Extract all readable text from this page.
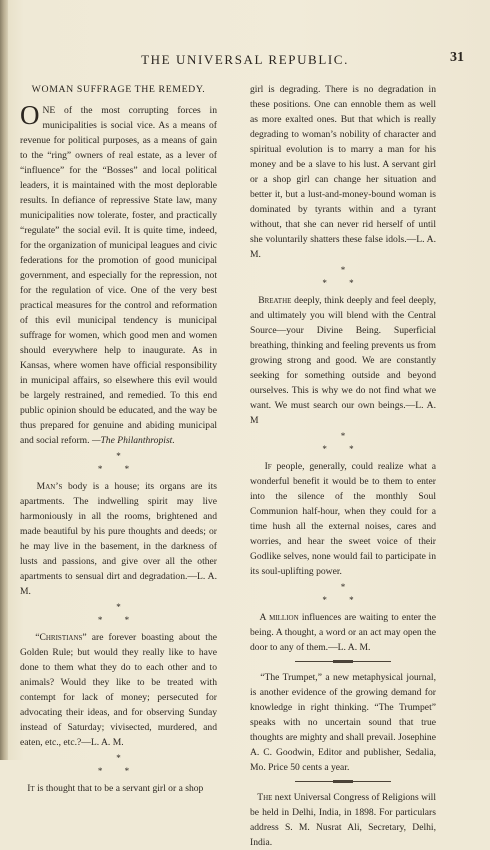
THE UNIVERSAL REPUBLIC.	31
WOMAN SUFFRAGE THE REMEDY.

ONE of the most corrupting forces in municipalities is social vice. As a means of revenue for political purposes, as a means of gain to the “ring” owners of real estate, as a lever of “influence” for the “Bosses” and local political leaders, it is maintained with the most deplorable results. In defiance of repressive State law, many municipalities now tolerate, foster, and practically “regulate” the social evil. It is quite time, indeed, for the organization of municipal leagues and civic federations for the promotion of good municipal government, and especially for the repression, not for the regulation of vice. One of the very best practical measures for the control and reformation of this evil municipal tendency is municipal suffrage for women, which good men and women should everywhere help to inaugurate. As in Kansas, where women have official responsibility in municipal affairs, so elsewhere this evil would be largely restrained, and remedied. To this end public opinion should be educated, and the way be thus prepared for genuine and abiding municipal and social reform. —The Philanthropist.

*
* *

Man’s body is a house; its organs are its apartments. The indwelling spirit may live harmoniously in all the rooms, brightened and made beautiful by his pure thoughts and deeds; or he may live in the basement, in the darkness of lusts and passions, and give over all the other apartments to sensual dirt and degradation.—L. A. M.

*
* *

“Christians” are forever boasting about the Golden Rule; but would they really like to have done to them what they do to each other and to animals? Would they like to be treated with contempt for lack of money; persecuted for advocating their ideas, and for observing Sunday instead of Saturday; vivisected, murdered, and eaten, etc., etc.?—L. A. M.

*
* *

It is thought that to be a servant girl or a shop

girl is degrading. There is no degradation in these positions. One can ennoble them as well as more exalted ones. But that which is really degrading to woman’s nobility of character and spiritual evolution is to marry a man for his money and be a slave to his lust. A servant girl or a shop girl can change her situation and better it, but a lust-and-money-bound woman is dominated by tyrants within and a tyrant without, that she can never rid herself of until she voluntarily shatters these false idols.—L. A. M.

*
* *

Breathe deeply, think deeply and feel deeply, and ultimately you will blend with the Central Source—your Divine Being. Superficial breathing, thinking and feeling prevents us from growing strong and good. We are constantly seeking for something outside and beyond ourselves. This is why we do not find what we want. We must search our own beings.—L. A. M

*
* *

If people, generally, could realize what a wonderful benefit it would be to them to enter into the silence of the monthly Soul Communion half-hour, when they could for a time hush all the external noises, cares and worries, and hear the sweet voice of their Godlike selves, none would fail to participate in its soul-uplifting power.

*
* *

A million influences are waiting to enter the being. A thought, a word or an act may open the door to any of them.—L. A. M.

“The Trumpet,” a new metaphysical journal, is another evidence of the growing demand for knowledge in right thinking. “The Trumpet” speaks with no uncertain sound that true thoughts are mighty and shall prevail. Josephine A. C. Goodwin, Editor and publisher, Sedalia, Mo. Price 50 cents a year.

The next Universal Congress of Religions will be held in Delhi, India, in 1898. For particulars address S. M. Nusrat Ali, Secretary, Delhi, India.
